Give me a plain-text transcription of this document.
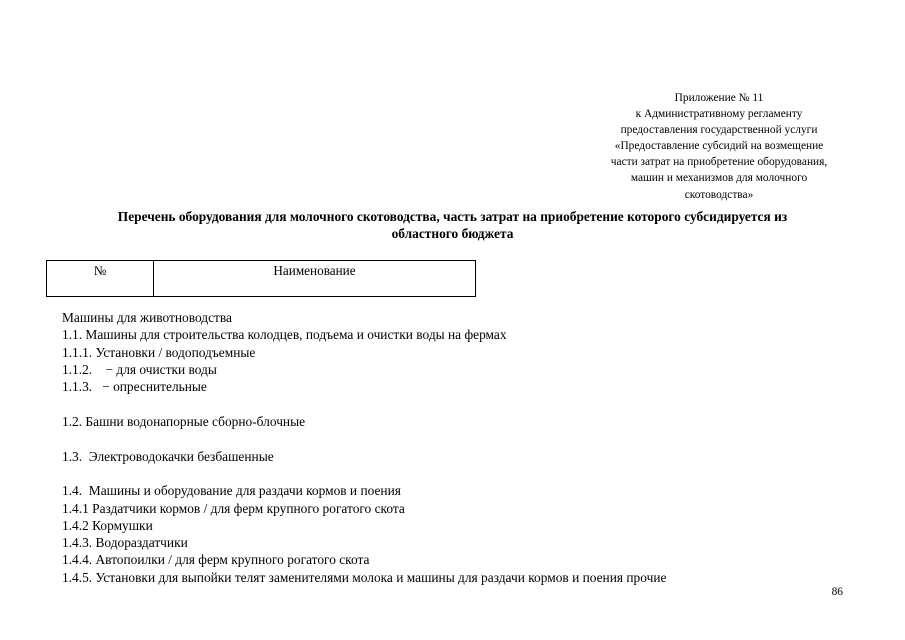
Приложение № 11
к Административному регламенту
предоставления государственной услуги
«Предоставление субсидий на возмещение
части затрат на приобретение оборудования,
машин и механизмов для молочного
скотоводства»
Перечень оборудования для молочного скотоводства, часть затрат на приобретение которого субсидируется из
областного бюджета
№	Наименование
Машины для животноводства
1.1. Машины для строительства колодцев, подъема и очистки воды на фермах
1.1.1. Установки / водоподъемные
1.1.2.    − для очистки воды
1.1.3.   − опреснительные
1.2. Башни водонапорные сборно-блочные
1.3.  Электроводокачки безбашенные
1.4.  Машины и оборудование для раздачи кормов и поения
1.4.1 Раздатчики кормов / для ферм крупного рогатого скота
1.4.2 Кормушки
1.4.3. Водораздатчики
1.4.4. Автопоилки / для ферм крупного рогатого скота
1.4.5. Установки для выпойки телят заменителями молока и машины для раздачи кормов и поения прочие
86
